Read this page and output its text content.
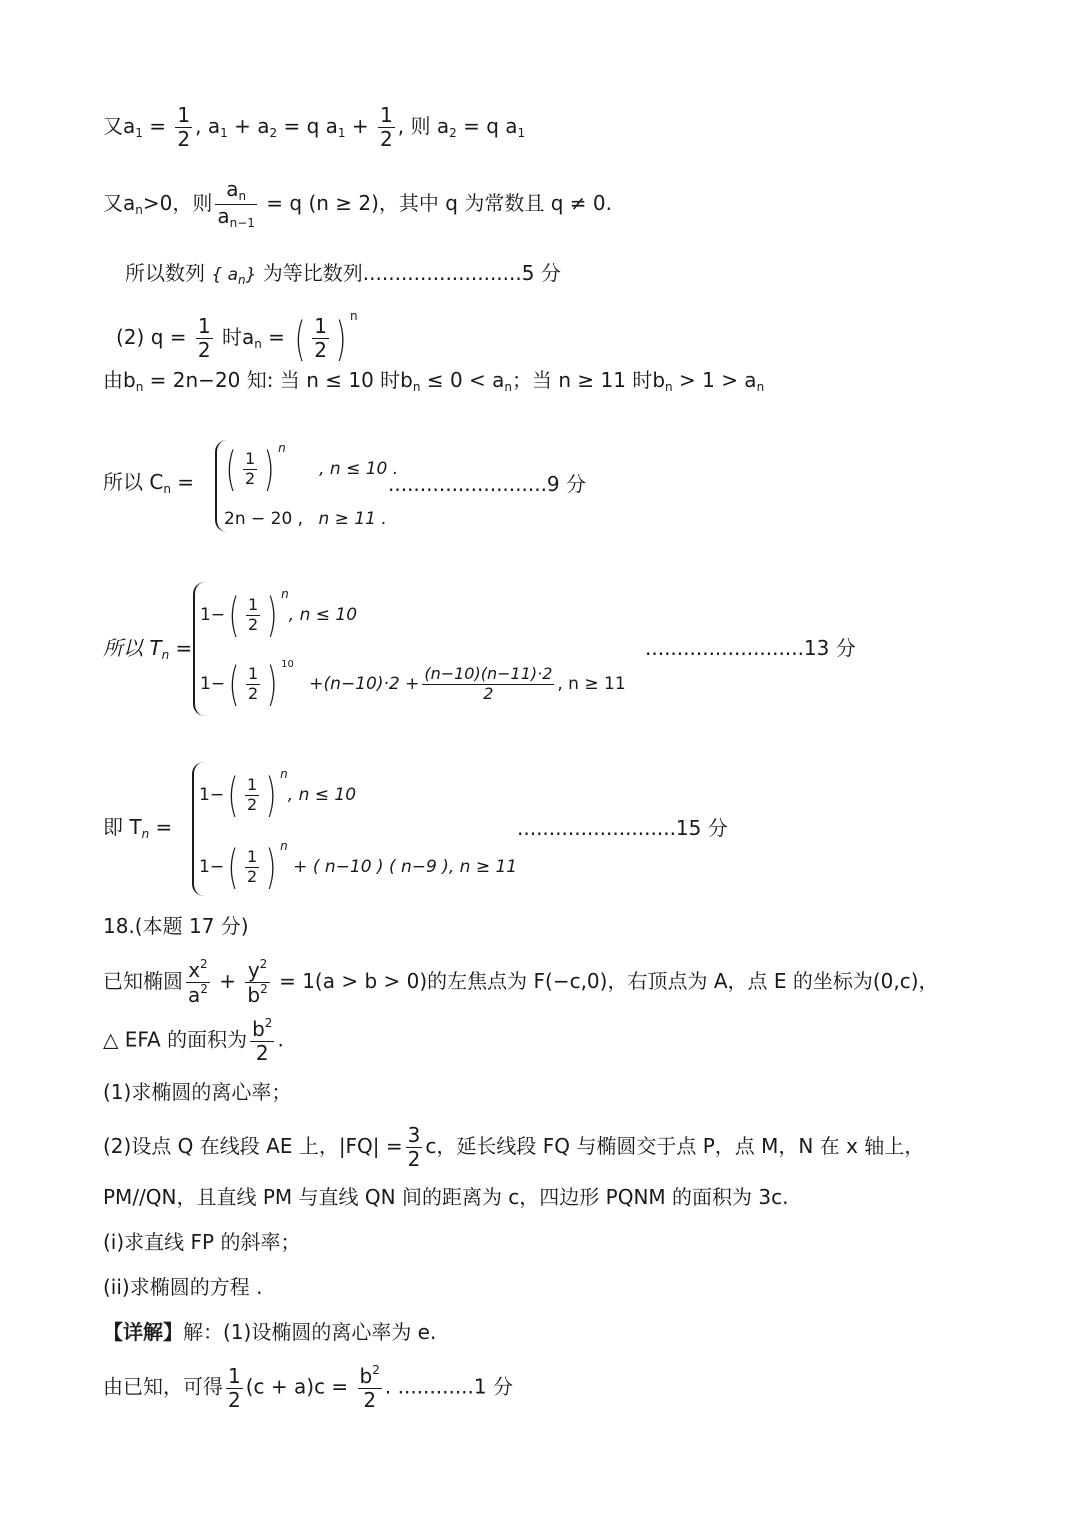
又$a_1 = \frac{1}{2}$ , $a_1 + a_2 = q$ $a_1 + \frac{1}{2}$ , 则 $a_2 = q$ $a_1$
又$a_n>0$，则 $\frac{a_n}{a_{n-1}} = q$ (n ≥ 2)，其中 q 为常数且 q ≠ 0.
所以数列 { $a_n$} 为等比数列.........................5 分
(2) $q = \frac{1}{2}$ 时$a_n$ = ( $\frac{1}{2}$ ) $^n$
由$b_n = 2n-20$ 知: 当 n ≤ 10 时$b_n \le 0 < a_n$；当 n ≥ 11 时$b_n > 1 > a_n$
所以 $C_n$ = ( $\frac{1}{2}$ ) $^n$ , n ≤ 10 .
2n − 20 , n ≥ 11 .
.........................9 分
所以 $T_n$ =
$1-( \frac{1}{2}$ ) $^n$, n ≤ 10
$1-( \frac{1}{2}$ ) $^{10} +(n-10)\cdot 2 + \frac{(n-10)(n-11)\cdot 2}{2}$ , n ≥ 11
.........................13 分
即 $T_n$ =
$1-( \frac{1}{2}$ ) $^n$, n ≤ 10
$1-( \frac{1}{2}$ ) $^n$ + ( n−10 ) ( n−9 ), n ≥ 11
.........................15 分
18.(本题 17 分)
已知椭圆 $\frac{x^2}{a^2} + \frac{y^2}{b^2} = 1(a > b > 0)$的左焦点为 F(−c,0)，右顶点为 A，点 E 的坐标为(0,c)，
△ EFA 的面积为 $\frac{b^2}{2}$ .
(1)求椭圆的离心率；
(2)设点 Q 在线段 AE 上，$|FQ| = \frac{3}{2}$ c，延长线段 FQ 与椭圆交于点 P，点 M，N 在 x 轴上，
PM//QN，且直线 PM 与直线 QN 间的距离为 c，四边形 PQNM 的面积为 3c.
(i)求直线 FP 的斜率；
(ii)求椭圆的方程 .
【详解】解：(1)设椭圆的离心率为 e.
由已知，可得 $\frac{1}{2} (c + a)c = \frac{b^2}{2}$ . ............1 分
